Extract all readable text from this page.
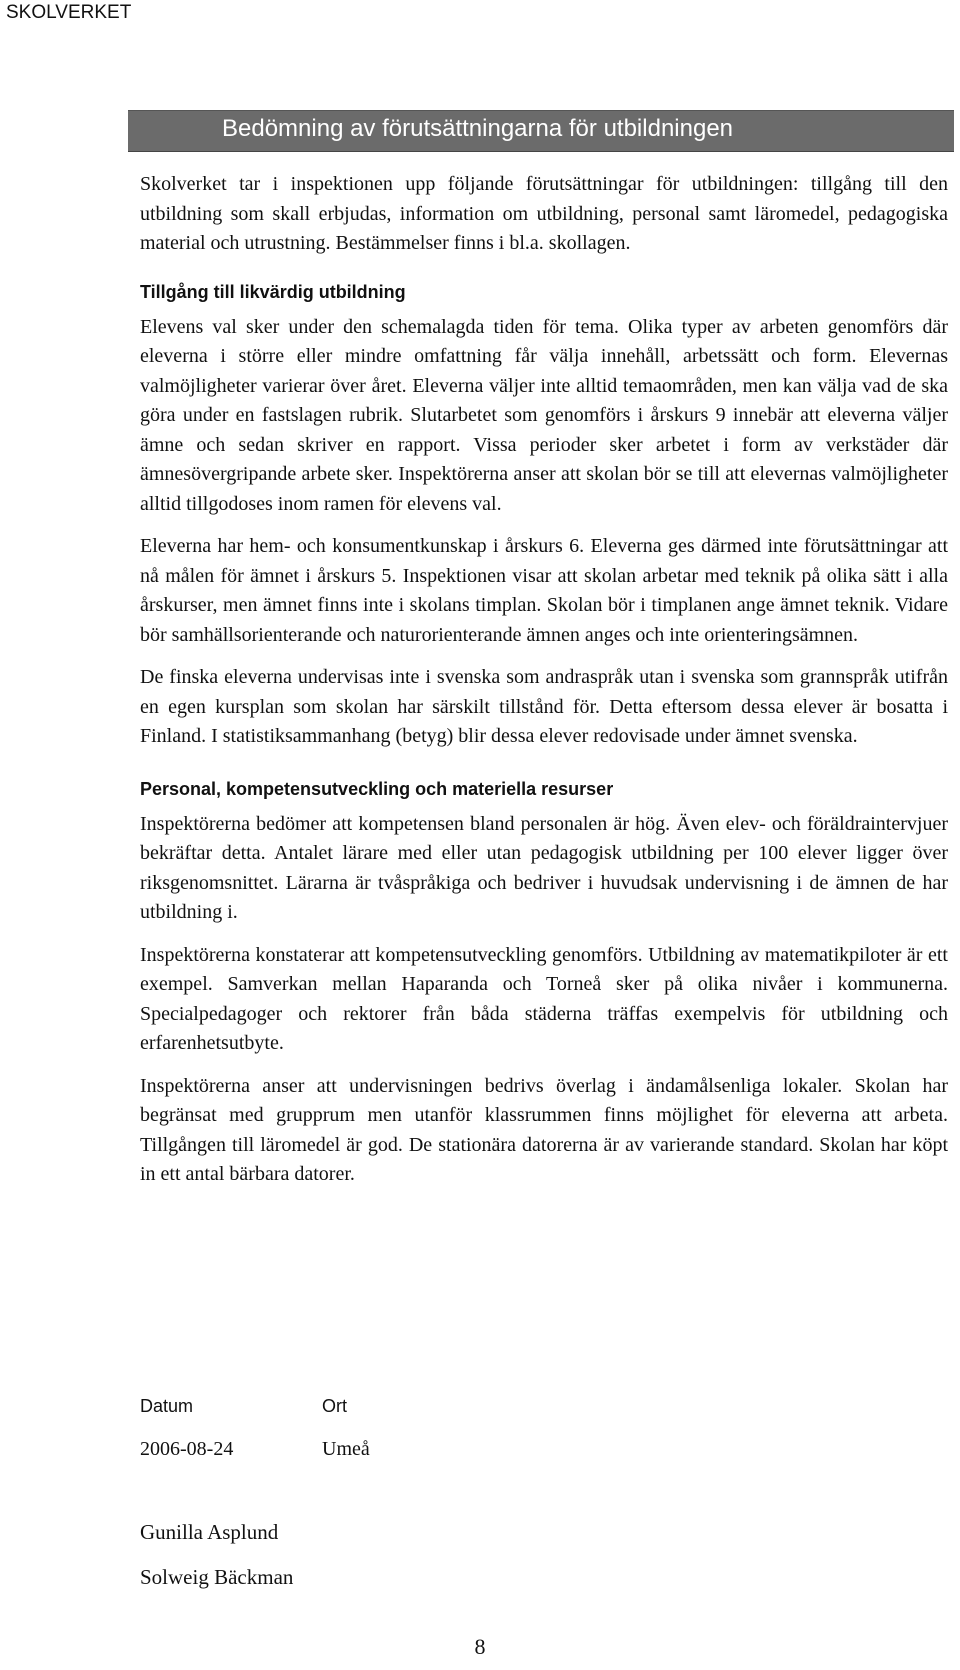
SKOLVERKET
Bedömning av förutsättningarna för utbildningen

Skolverket tar i inspektionen upp följande förutsättningar för utbildningen: tillgång till den utbildning som skall erbjudas, information om utbildning, personal samt läromedel, pedagogiska material och utrustning. Bestämmelser finns i bl.a. skollagen.

Tillgång till likvärdig utbildning

Elevens val sker under den schemalagda tiden för tema. Olika typer av arbeten genomförs där eleverna i större eller mindre omfattning får välja innehåll, arbetssätt och form. Elevernas valmöjligheter varierar över året. Eleverna väljer inte alltid temaområden, men kan välja vad de ska göra under en fastslagen rubrik. Slutarbetet som genomförs i årskurs 9 innebär att eleverna väljer ämne och sedan skriver en rapport. Vissa perioder sker arbetet i form av verkstäder där ämnesövergripande arbete sker. Inspektörerna anser att skolan bör se till att elevernas valmöjligheter alltid tillgodoses inom ramen för elevens val.

Eleverna har hem- och konsumentkunskap i årskurs 6. Eleverna ges därmed inte förutsättningar att nå målen för ämnet i årskurs 5. Inspektionen visar att skolan arbetar med teknik på olika sätt i alla årskurser, men ämnet finns inte i skolans timplan. Skolan bör i timplanen ange ämnet teknik. Vidare bör samhällsorienterande och naturorienterande ämnen anges och inte orienteringsämnen.

De finska eleverna undervisas inte i svenska som andraspråk utan i svenska som grannspråk utifrån en egen kursplan som skolan har särskilt tillstånd för. Detta eftersom dessa elever är bosatta i Finland. I statistiksammanhang (betyg) blir dessa elever redovisade under ämnet svenska.

Personal, kompetensutveckling och materiella resurser

Inspektörerna bedömer att kompetensen bland personalen är hög. Även elev- och föräldraintervjuer bekräftar detta. Antalet lärare med eller utan pedagogisk utbildning per 100 elever ligger över riksgenomsnittet. Lärarna är tvåspråkiga och bedriver i huvudsak undervisning i de ämnen de har utbildning i.

Inspektörerna konstaterar att kompetensutveckling genomförs. Utbildning av matematikpiloter är ett exempel. Samverkan mellan Haparanda och Torneå sker på olika nivåer i kommunerna. Specialpedagoger och rektorer från båda städerna träffas exempelvis för utbildning och erfarenhetsutbyte.

Inspektörerna anser att undervisningen bedrivs överlag i ändamålsenliga lokaler. Skolan har begränsat med grupprum men utanför klassrummen finns möjlighet för eleverna att arbeta. Tillgången till läromedel är god. De stationära datorerna är av varierande standard. Skolan har köpt in ett antal bärbara datorer.

Datum	Ort
2006-08-24	Umeå
Gunilla Asplund
Solweig Bäckman
8
